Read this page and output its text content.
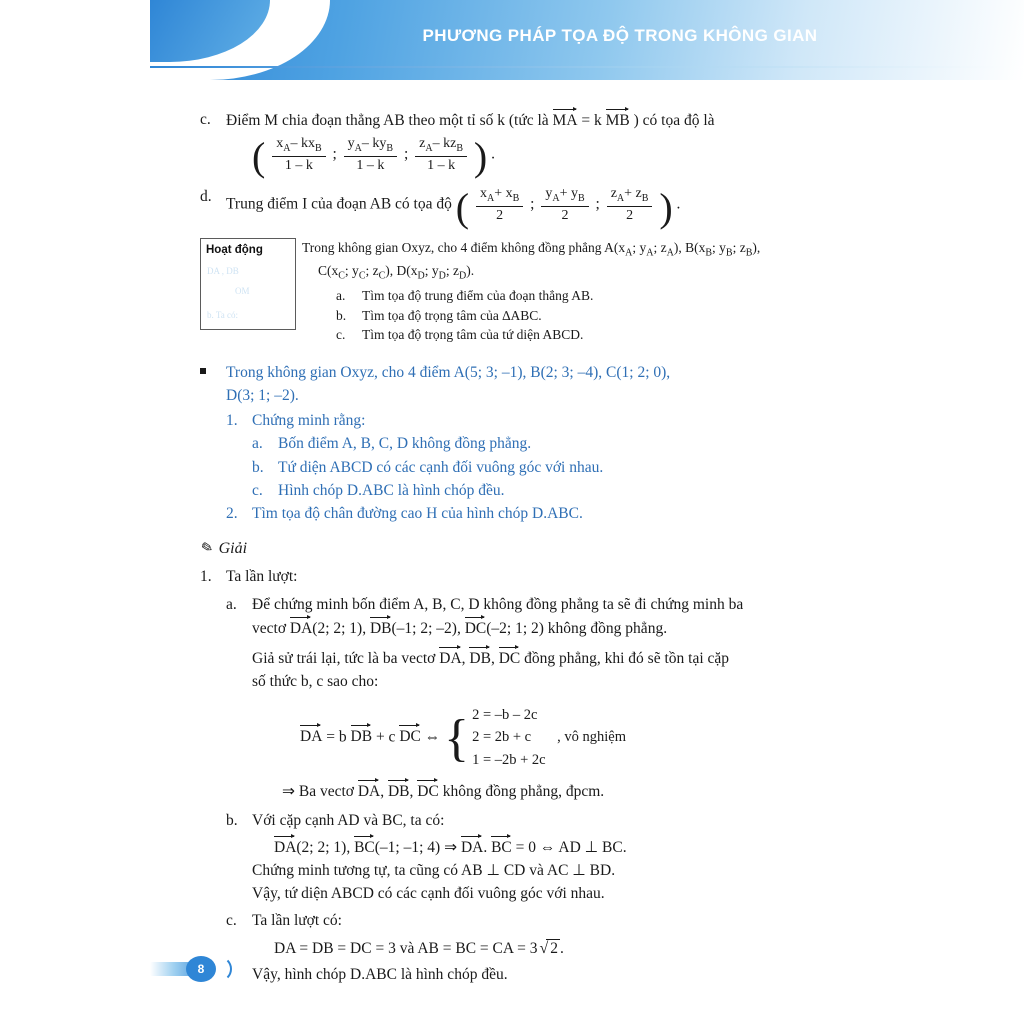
PHƯƠNG PHÁP TỌA ĐỘ TRONG KHÔNG GIAN
c. Điểm M chia đoạn thẳng AB theo một tỉ số k (tức là MA = k MB ) có tọa độ là
( $\frac{x_A- kx_B}{1 - k}$ ; $\frac{y_A- ky_B}{1 - k}$ ; $\frac{z_A- kz_B}{1 - k}$ ) .
d. Trung điểm I của đoạn AB có tọa độ ( $\frac{x_A+ x_B}{2}$ ; $\frac{y_A+ y_B}{2}$ ; $\frac{z_A+ z_B}{2}$ ) .
Hoạt động
DA , DB
OM
b. Ta có:
Trong không gian Oxyz, cho 4 điểm không đồng phẳng $A(x_A$; $y_A$; $z_A$), $B(x_B$; $y_B$; $z_B$),
$C(x_C$; $y_C$; $z_C$), $D(x_D$; $y_D$; $z_D$).
a.	Tìm tọa độ trung điểm của đoạn thẳng AB.
b.	Tìm tọa độ trọng tâm của ∆ABC.
c.	Tìm tọa độ trọng tâm của tứ diện ABCD.
Trong không gian Oxyz, cho 4 điểm A(5; 3; –1), B(2; 3; –4), C(1; 2; 0),
D(3; 1; –2).
1. Chứng minh rằng:
a. Bốn điểm A, B, C, D không đồng phẳng.
b. Tứ diện ABCD có các cạnh đối vuông góc với nhau.
c. Hình chóp D.ABC là hình chóp đều.
2. Tìm tọa độ chân đường cao H của hình chóp D.ABC.
✎ Giải
1. Ta lần lượt:
a. Để chứng minh bốn điểm A, B, C, D không đồng phẳng ta sẽ đi chứng minh ba
vectơ DA(2; 2; 1), DB(–1; 2; –2), DC(–2; 1; 2) không đồng phẳng.
Giả sử trái lại, tức là ba vectơ DA, DB, DC đồng phẳng, khi đó sẽ tồn tại cặp
số thức b, c sao cho:
DA = b DB + c DC ⇔ { 2 = –b – 2c
2 = 2b + c , vô nghiệm
1 = –2b + 2c
⇒ Ba vectơ DA, DB, DC không đồng phẳng, đpcm.
b. Với cặp cạnh AD và BC, ta có:
DA(2; 2; 1), BC(–1; –1; 4) ⇒ DA. BC = 0 ⇔ AD ⊥ BC.
Chứng minh tương tự, ta cũng có AB ⊥ CD và AC ⊥ BD.
Vậy, tứ diện ABCD có các cạnh đối vuông góc với nhau.
c. Ta lần lượt có:
DA = DB = DC = 3 và AB = BC = CA = 3 √ 2 .
Vậy, hình chóp D.ABC là hình chóp đều.
8
